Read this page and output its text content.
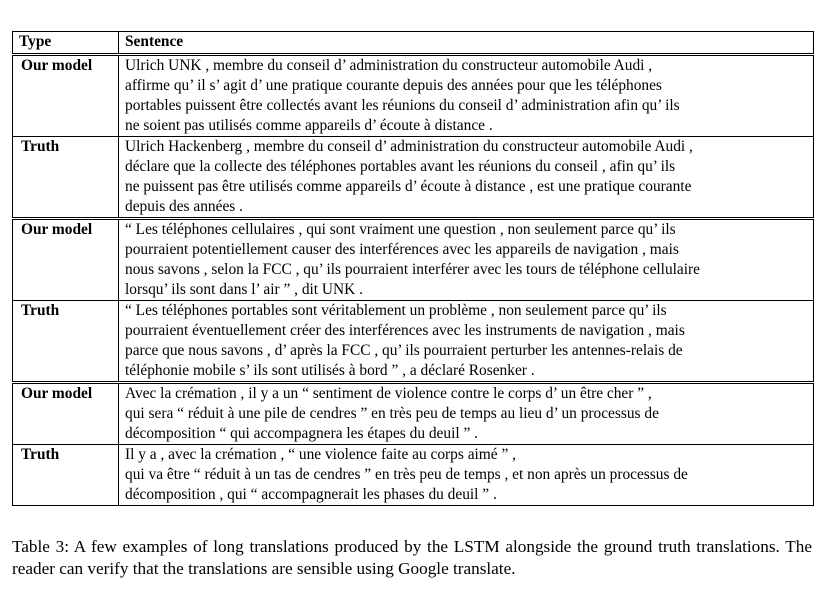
Type	Sentence
Our model	Ulrich UNK , membre du conseil d’ administration du constructeur automobile Audi ,
affirme qu’ il s’ agit d’ une pratique courante depuis des années pour que les téléphones
portables puissent être collectés avant les réunions du conseil d’ administration afin qu’ ils
ne soient pas utilisés comme appareils d’ écoute à distance .

Truth	Ulrich Hackenberg , membre du conseil d’ administration du constructeur automobile Audi ,
déclare que la collecte des téléphones portables avant les réunions du conseil , afin qu’ ils
ne puissent pas être utilisés comme appareils d’ écoute à distance , est une pratique courante
depuis des années .

Our model	“ Les téléphones cellulaires , qui sont vraiment une question , non seulement parce qu’ ils
pourraient potentiellement causer des interférences avec les appareils de navigation , mais
nous savons , selon la FCC , qu’ ils pourraient interférer avec les tours de téléphone cellulaire
lorsqu’ ils sont dans l’ air ” , dit UNK .

Truth	“ Les téléphones portables sont véritablement un problème , non seulement parce qu’ ils
pourraient éventuellement créer des interférences avec les instruments de navigation , mais
parce que nous savons , d’ après la FCC , qu’ ils pourraient perturber les antennes-relais de
téléphonie mobile s’ ils sont utilisés à bord ” , a déclaré Rosenker .

Our model	Avec la crémation , il y a un “ sentiment de violence contre le corps d’ un être cher ” ,
qui sera “ réduit à une pile de cendres ” en très peu de temps au lieu d’ un processus de
décomposition “ qui accompagnera les étapes du deuil ” .

Truth	Il y a , avec la crémation , “ une violence faite au corps aimé ” ,
qui va être “ réduit à un tas de cendres ” en très peu de temps , et non après un processus de
décomposition , qui “ accompagnerait les phases du deuil ” .

Table 3: A few examples of long translations produced by the LSTM alongside the ground truth translations. The reader can verify that the translations are sensible using Google translate.
